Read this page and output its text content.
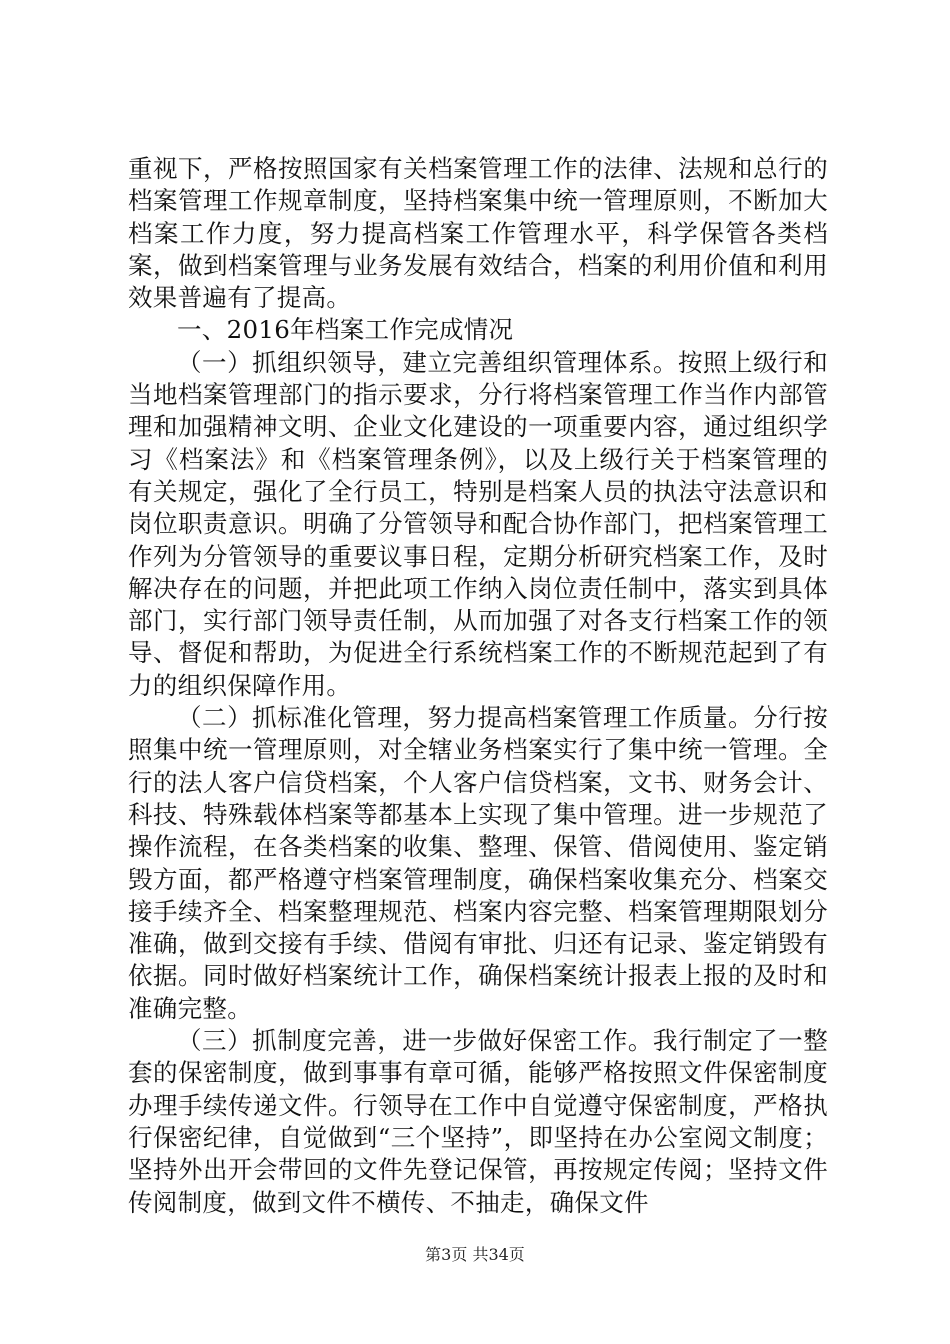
重视下，严格按照国家有关档案管理工作的法律、法规和总行的档案管理工作规章制度，坚持档案集中统一管理原则，不断加大档案工作力度，努力提高档案工作管理水平，科学保管各类档案，做到档案管理与业务发展有效结合，档案的利用价值和利用效果普遍有了提高。

一、2016年档案工作完成情况

（一）抓组织领导，建立完善组织管理体系。按照上级行和当地档案管理部门的指示要求，分行将档案管理工作当作内部管理和加强精神文明、企业文化建设的一项重要内容，通过组织学习《档案法》和《档案管理条例》，以及上级行关于档案管理的有关规定，强化了全行员工，特别是档案人员的执法守法意识和岗位职责意识。明确了分管领导和配合协作部门，把档案管理工作列为分管领导的重要议事日程，定期分析研究档案工作，及时解决存在的问题，并把此项工作纳入岗位责任制中，落实到具体部门，实行部门领导责任制，从而加强了对各支行档案工作的领导、督促和帮助，为促进全行系统档案工作的不断规范起到了有力的组织保障作用。

（二）抓标准化管理，努力提高档案管理工作质量。分行按照集中统一管理原则，对全辖业务档案实行了集中统一管理。全行的法人客户信贷档案，个人客户信贷档案，文书、财务会计、科技、特殊载体档案等都基本上实现了集中管理。进一步规范了操作流程，在各类档案的收集、整理、保管、借阅使用、鉴定销毁方面，都严格遵守档案管理制度，确保档案收集充分、档案交接手续齐全、档案整理规范、档案内容完整、档案管理期限划分准确，做到交接有手续、借阅有审批、归还有记录、鉴定销毁有依据。同时做好档案统计工作，确保档案统计报表上报的及时和准确完整。

（三）抓制度完善，进一步做好保密工作。我行制定了一整套的保密制度，做到事事有章可循，能够严格按照文件保密制度办理手续传递文件。行领导在工作中自觉遵守保密制度，严格执行保密纪律，自觉做到“三个坚持”，即坚持在办公室阅文制度；坚持外出开会带回的文件先登记保管，再按规定传阅；坚持文件传阅制度，做到文件不横传、不抽走，确保文件

第3页 共34页
